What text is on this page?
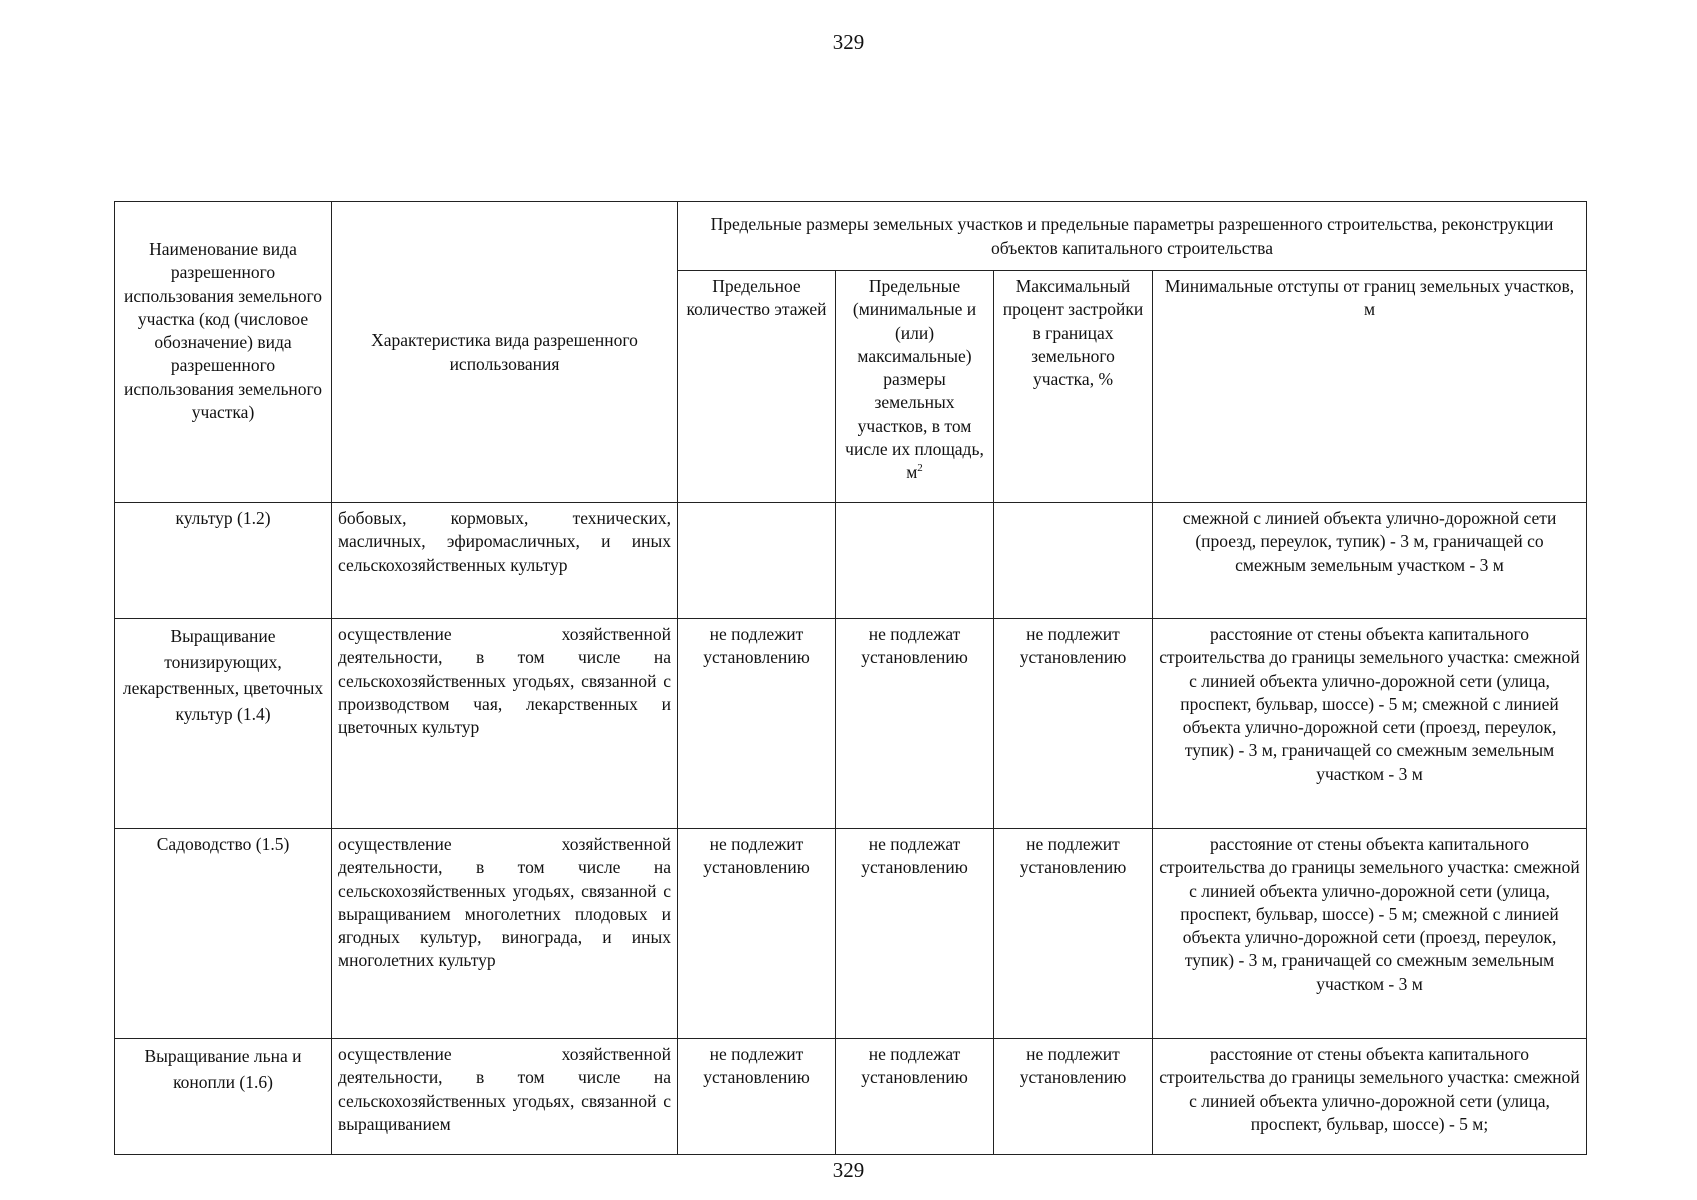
329
Наименование вида разрешенного использования земельного участка (код (числовое обозначение) вида разрешенного использования земельного участка)	Характеристика вида разрешенного использования	Предельные размеры земельных участков и предельные параметры разрешенного строительства, реконструкции объектов капитального строительства			
		Предельное количество этажей	Предельные (минимальные и (или) максимальные) размеры земельных участков, в том числе их площадь, $м^2$	Максимальный процент застройки в границах земельного участка, %	Минимальные отступы от границ земельных участков, м
культур (1.2)	бобовых, кормовых, технических, масличных, эфиромасличных, и иных сельскохозяйственных культур				смежной с линией объекта улично-дорожной сети (проезд, переулок, тупик) - 3 м, граничащей со смежным земельным участком - 3 м
Выращивание тонизирующих, лекарственных, цветочных культур (1.4)	осуществление хозяйственной деятельности, в том числе на сельскохозяйственных угодьях, связанной с производством чая, лекарственных и цветочных культур	не подлежит установлению	не подлежат установлению	не подлежит установлению	расстояние от стены объекта капитального строительства до границы земельного участка: смежной с линией объекта улично-дорожной сети (улица, проспект, бульвар, шоссе) - 5 м; смежной с линией объекта улично-дорожной сети (проезд, переулок, тупик) - 3 м, граничащей со смежным земельным участком - 3 м
Садоводство (1.5)	осуществление хозяйственной деятельности, в том числе на сельскохозяйственных угодьях, связанной с выращиванием многолетних плодовых и ягодных культур, винограда, и иных многолетних культур	не подлежит установлению	не подлежат установлению	не подлежит установлению	расстояние от стены объекта капитального строительства до границы земельного участка: смежной с линией объекта улично-дорожной сети (улица, проспект, бульвар, шоссе) - 5 м; смежной с линией объекта улично-дорожной сети (проезд, переулок, тупик) - 3 м, граничащей со смежным земельным участком - 3 м
Выращивание льна и конопли (1.6)	осуществление хозяйственной деятельности, в том числе на сельскохозяйственных угодьях, связанной с выращиванием	не подлежит установлению	не подлежат установлению	не подлежит установлению	расстояние от стены объекта капитального строительства до границы земельного участка: смежной с линией объекта улично-дорожной сети (улица, проспект, бульвар, шоссе) - 5 м;
329
